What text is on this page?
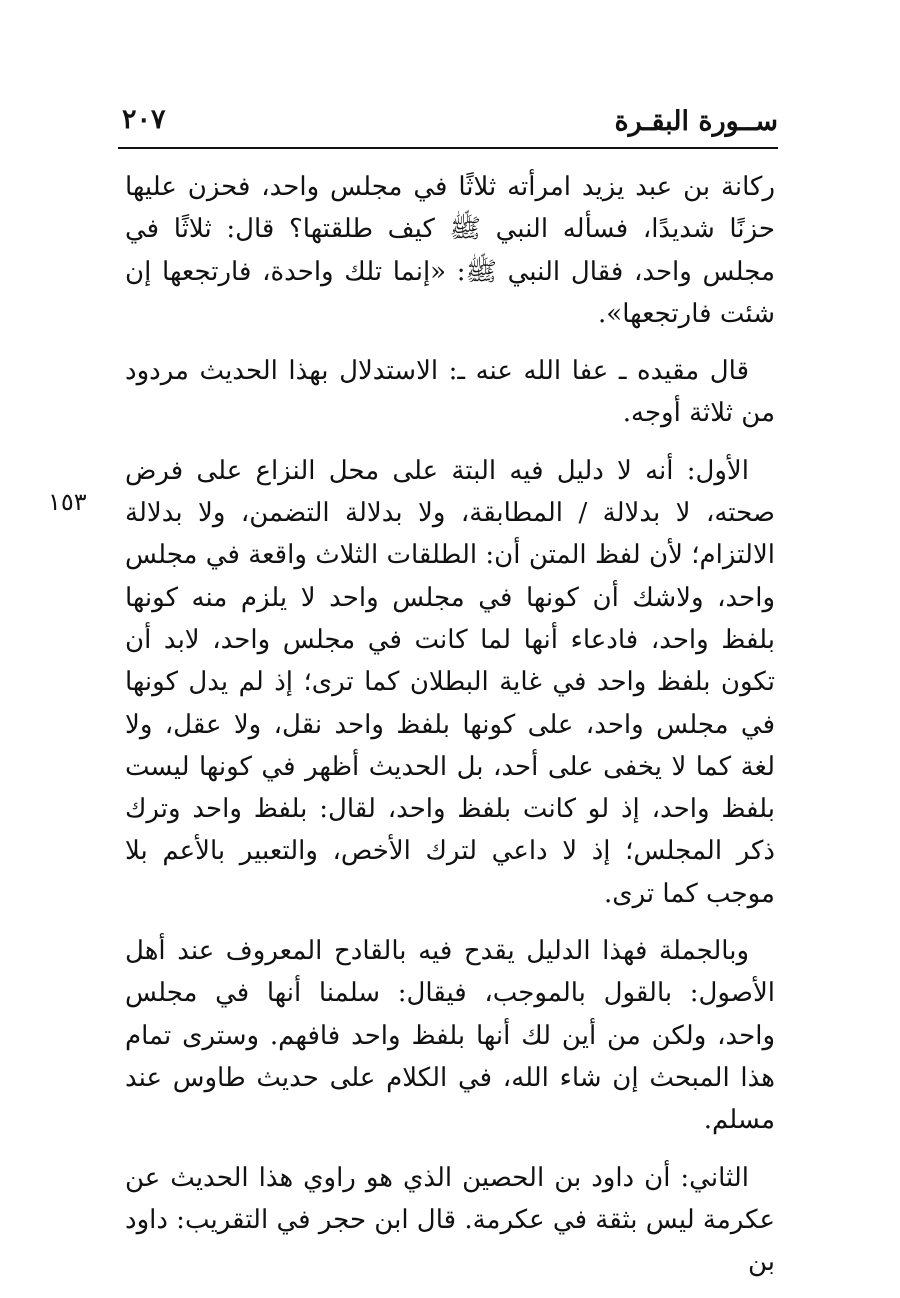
ســورة البقـرة
٢٠٧
١٥٣

ركانة بن عبد يزيد امرأته ثلاثًا في مجلس واحد، فحزن عليها حزنًا شديدًا، فسأله النبي ﷺ كيف طلقتها؟ قال: ثلاثًا في مجلس واحد، فقال النبي ﷺ: «إنما تلك واحدة، فارتجعها إن شئت فارتجعها».

قال مقيده ـ عفا الله عنه ـ: الاستدلال بهذا الحديث مردود من ثلاثة أوجه.

الأول: أنه لا دليل فيه البتة على محل النزاع على فرض صحته، لا بدلالة / المطابقة، ولا بدلالة التضمن، ولا بدلالة الالتزام؛ لأن لفظ المتن أن: الطلقات الثلاث واقعة في مجلس واحد، ولاشك أن كونها في مجلس واحد لا يلزم منه كونها بلفظ واحد، فادعاء أنها لما كانت في مجلس واحد، لابد أن تكون بلفظ واحد في غاية البطلان كما ترى؛ إذ لم يدل كونها في مجلس واحد، على كونها بلفظ واحد نقل، ولا عقل، ولا لغة كما لا يخفى على أحد، بل الحديث أظهر في كونها ليست بلفظ واحد، إذ لو كانت بلفظ واحد، لقال: بلفظ واحد وترك ذكر المجلس؛ إذ لا داعي لترك الأخص، والتعبير بالأعم بلا موجب كما ترى.

وبالجملة فهذا الدليل يقدح فيه بالقادح المعروف عند أهل الأصول: بالقول بالموجب، فيقال: سلمنا أنها في مجلس واحد، ولكن من أين لك أنها بلفظ واحد فافهم. وسترى تمام هذا المبحث إن شاء الله، في الكلام على حديث طاوس عند مسلم.

الثاني: أن داود بن الحصين الذي هو راوي هذا الحديث عن عكرمة ليس بثقة في عكرمة. قال ابن حجر في التقريب: داود بن
